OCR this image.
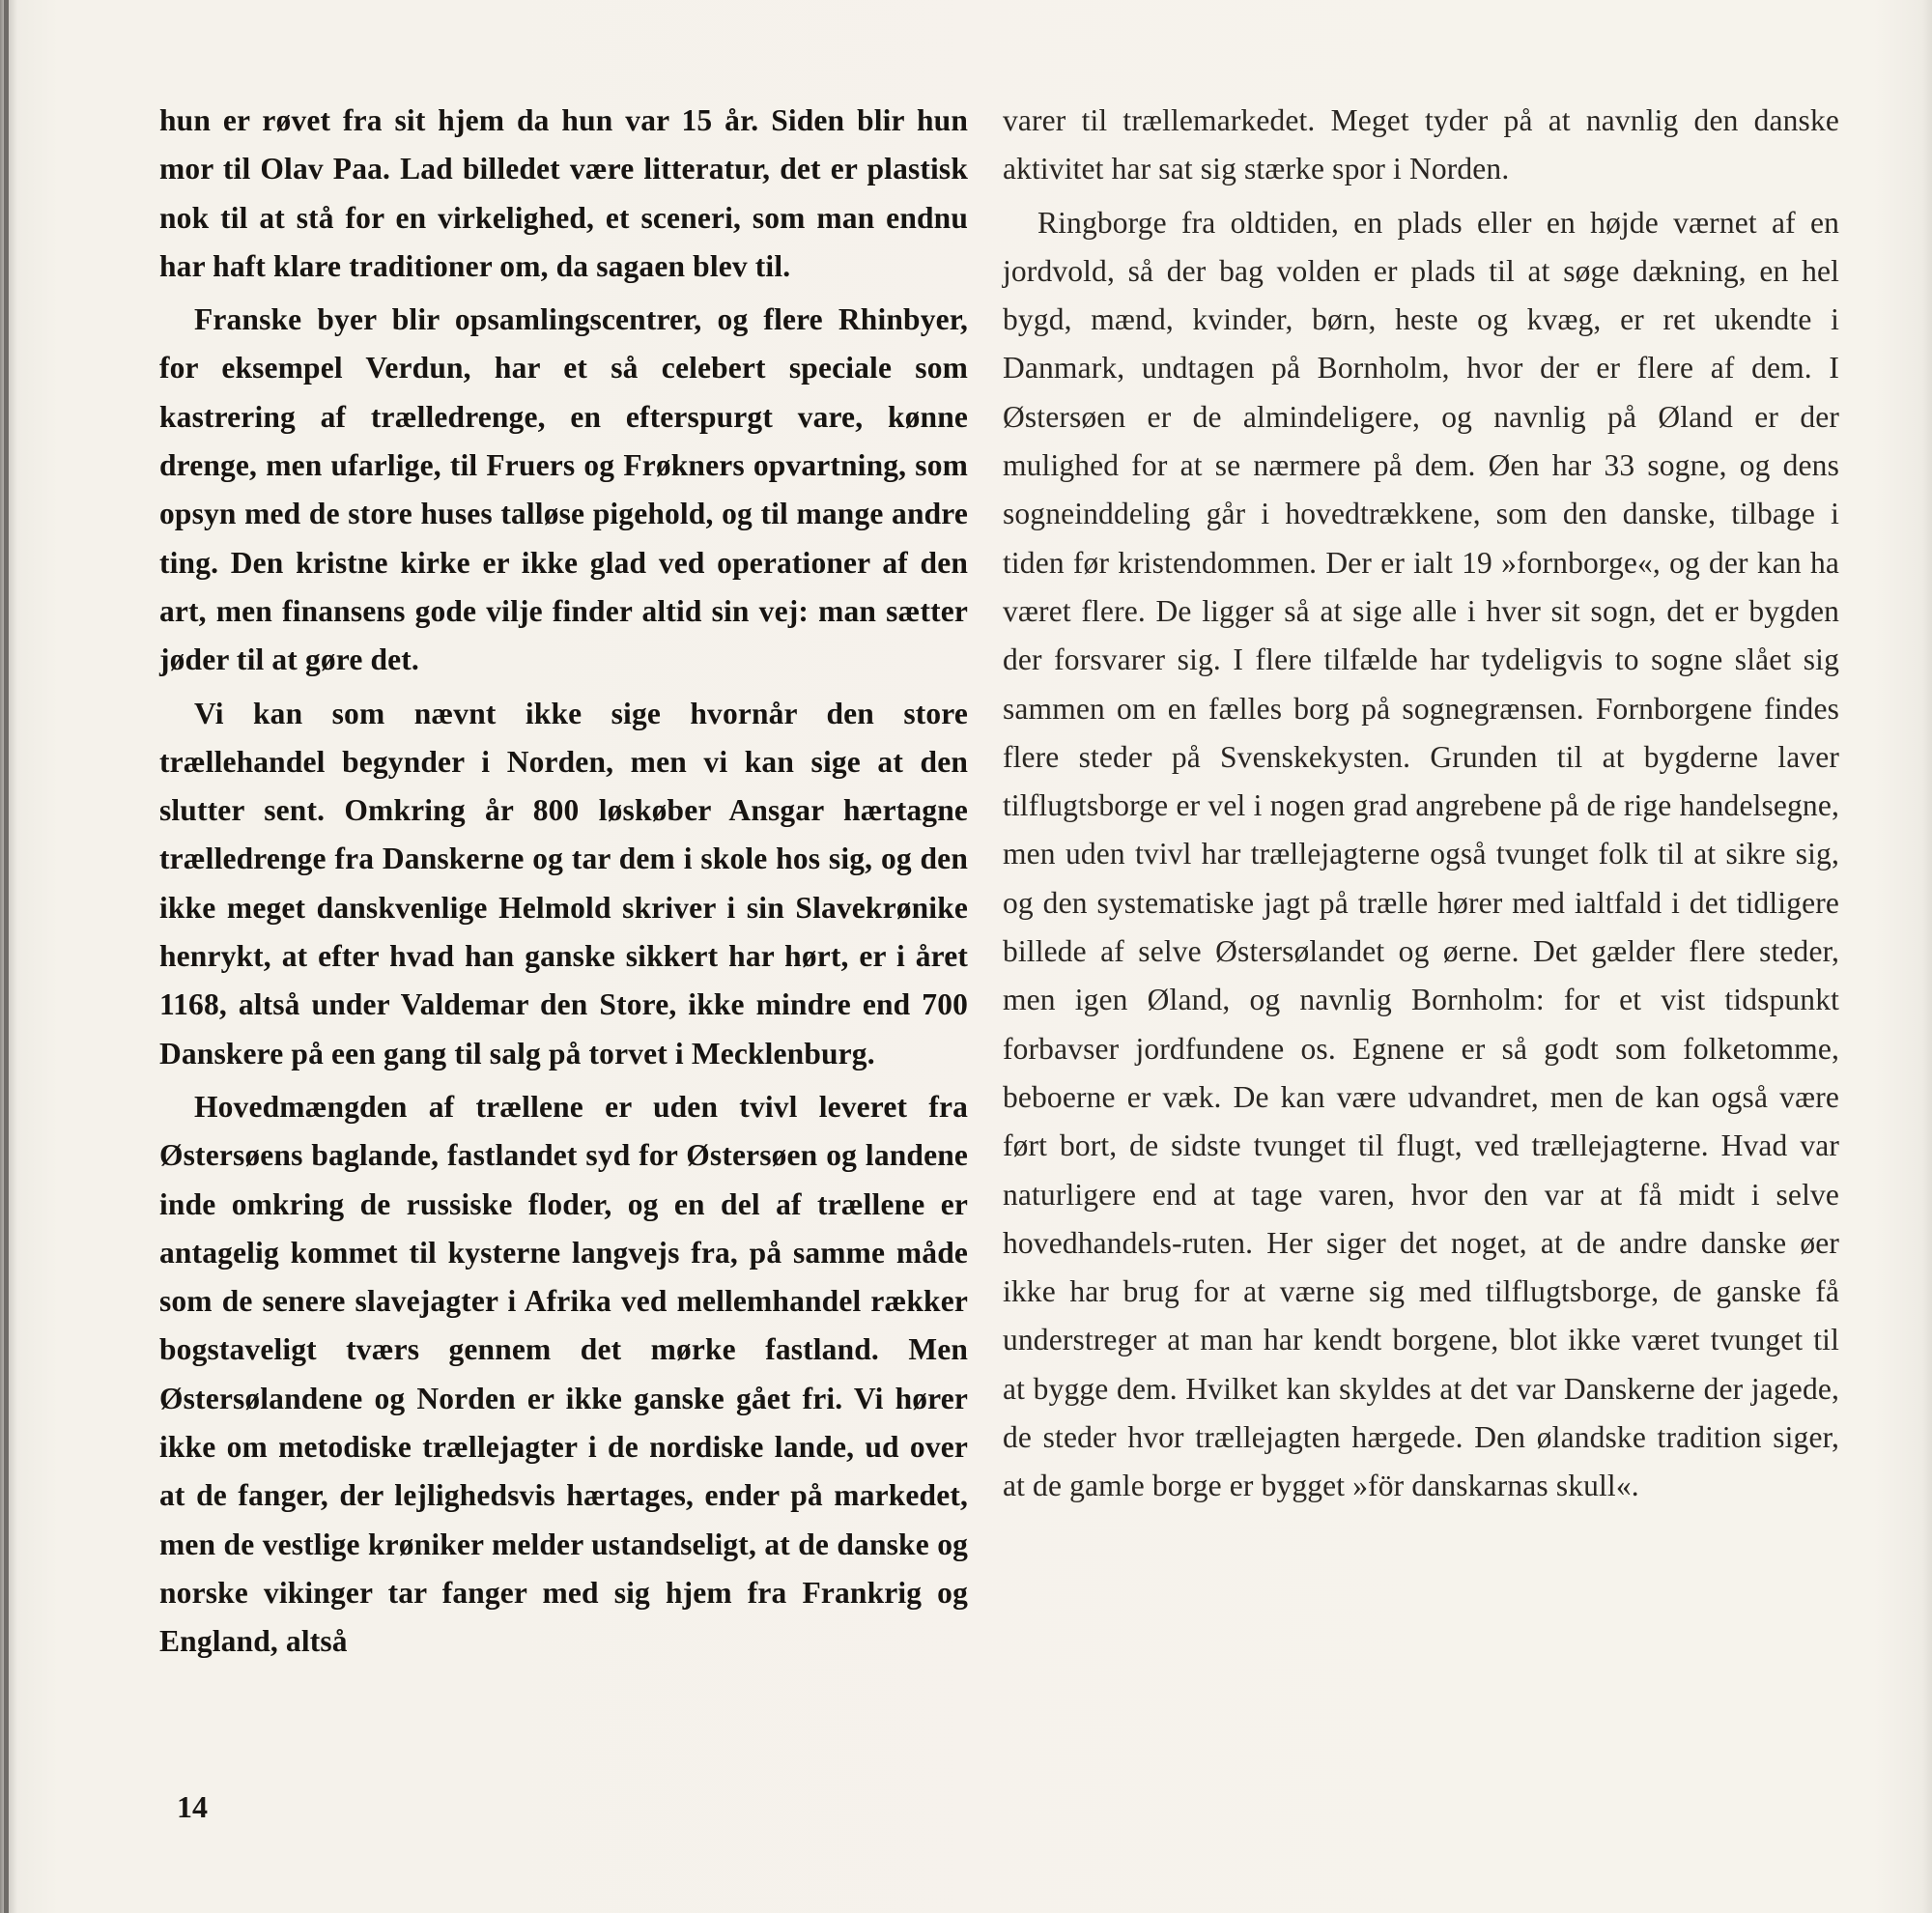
hun er røvet fra sit hjem da hun var 15 år. Siden blir hun mor til Olav Paa. Lad billedet være litteratur, det er plastisk nok til at stå for en virkelighed, et sceneri, som man endnu har haft klare traditioner om, da sagaen blev til.

Franske byer blir opsamlingscentrer, og flere Rhinbyer, for eksempel Verdun, har et så celebert speciale som kastrering af trælledrenge, en efterspurgt vare, kønne drenge, men ufarlige, til Fruers og Frøkners opvartning, som opsyn med de store huses talløse pigehold, og til mange andre ting. Den kristne kirke er ikke glad ved operationer af den art, men finansens gode vilje finder altid sin vej: man sætter jøder til at gøre det.

Vi kan som nævnt ikke sige hvornår den store trællehandel begynder i Norden, men vi kan sige at den slutter sent. Omkring år 800 løskøber Ansgar hærtagne trælledrenge fra Danskerne og tar dem i skole hos sig, og den ikke meget danskvenlige Helmold skriver i sin Slavekrønike henrykt, at efter hvad han ganske sikkert har hørt, er i året 1168, altså under Valdemar den Store, ikke mindre end 700 Danskere på een gang til salg på torvet i Mecklenburg.

Hovedmængden af trællene er uden tvivl leveret fra Østersøens baglande, fastlandet syd for Østersøen og landene inde omkring de russiske floder, og en del af trællene er antagelig kommet til kysterne langvejs fra, på samme måde som de senere slavejagter i Afrika ved mellemhandel rækker bogstaveligt tværs gennem det mørke fastland. Men Østersølandene og Norden er ikke ganske gået fri. Vi hører ikke om metodiske trællejagter i de nordiske lande, ud over at de fanger, der lejlighedsvis hærtages, ender på markedet, men de vestlige krøniker melder ustandseligt, at de danske og norske vikinger tar fanger med sig hjem fra Frankrig og England, altså

varer til trællemarkedet. Meget tyder på at navnlig den danske aktivitet har sat sig stærke spor i Norden.

Ringborge fra oldtiden, en plads eller en højde værnet af en jordvold, så der bag volden er plads til at søge dækning, en hel bygd, mænd, kvinder, børn, heste og kvæg, er ret ukendte i Danmark, undtagen på Bornholm, hvor der er flere af dem. I Østersøen er de almindeligere, og navnlig på Øland er der mulighed for at se nærmere på dem. Øen har 33 sogne, og dens sogneinddeling går i hovedtrækkene, som den danske, tilbage i tiden før kristendommen. Der er ialt 19 »fornborge«, og der kan ha været flere. De ligger så at sige alle i hver sit sogn, det er bygden der forsvarer sig. I flere tilfælde har tydeligvis to sogne slået sig sammen om en fælles borg på sognegrænsen. Fornborgene findes flere steder på Svenskekysten. Grunden til at bygderne laver tilflugtsborge er vel i nogen grad angrebene på de rige handelsegne, men uden tvivl har trællejagterne også tvunget folk til at sikre sig, og den systematiske jagt på trælle hører med ialtfald i det tidligere billede af selve Østersølandet og øerne. Det gælder flere steder, men igen Øland, og navnlig Bornholm: for et vist tidspunkt forbavser jordfundene os. Egnene er så godt som folketomme, beboerne er væk. De kan være udvandret, men de kan også være ført bort, de sidste tvunget til flugt, ved trællejagterne. Hvad var naturligere end at tage varen, hvor den var at få midt i selve hovedhandels-ruten. Her siger det noget, at de andre danske øer ikke har brug for at værne sig med tilflugtsborge, de ganske få understreger at man har kendt borgene, blot ikke været tvunget til at bygge dem. Hvilket kan skyldes at det var Danskerne der jagede, de steder hvor trællejagten hærgede. Den ølandske tradition siger, at de gamle borge er bygget »för danskarnas skull«.

14
